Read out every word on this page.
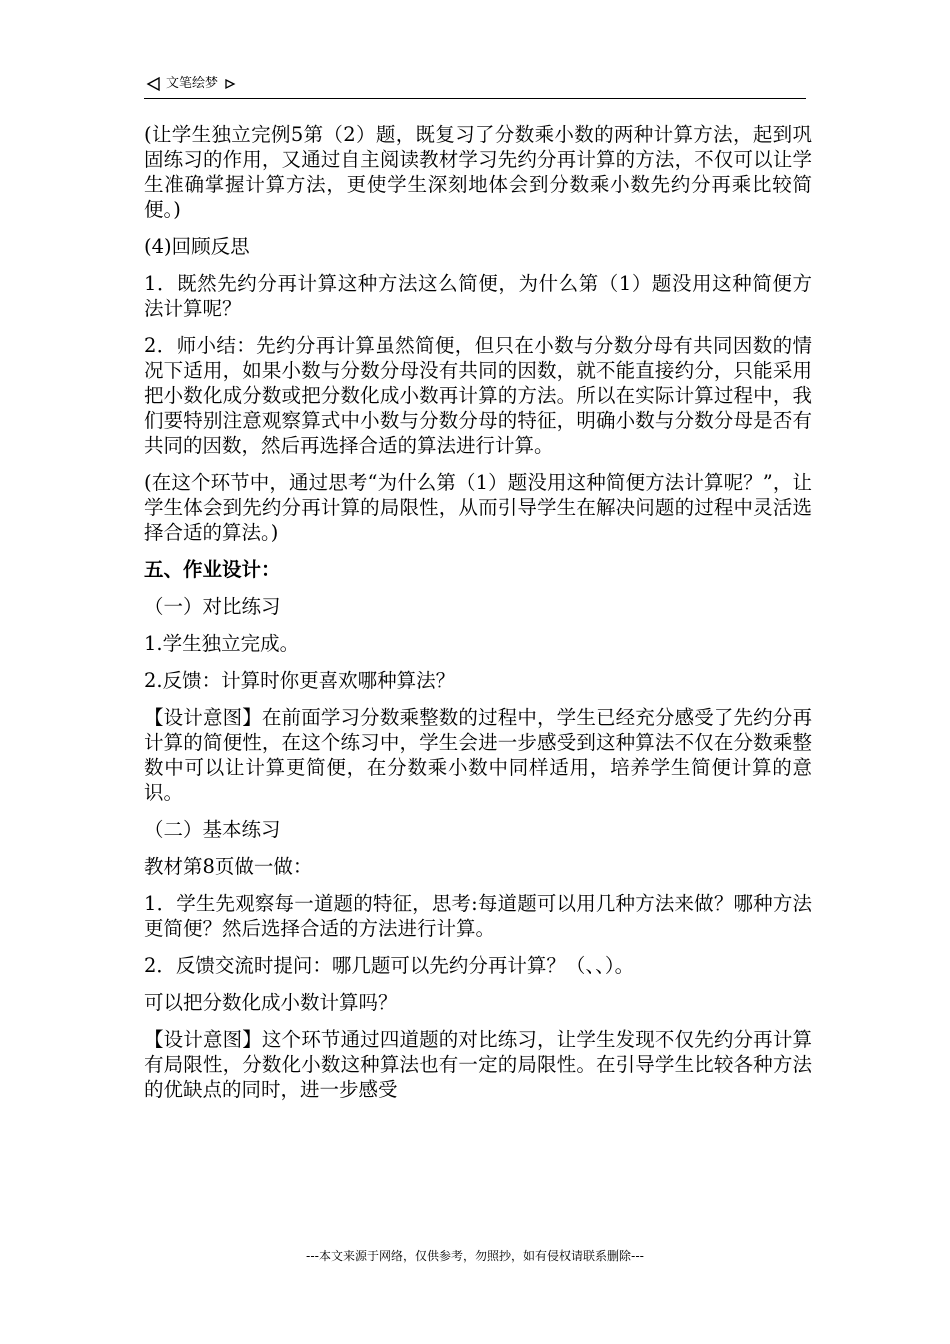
文笔绘梦

(让学生独立完例5第（2）题，既复习了分数乘小数的两种计算方法，起到巩固练习的作用，又通过自主阅读教材学习先约分再计算的方法，不仅可以让学生准确掌握计算方法，更使学生深刻地体会到分数乘小数先约分再乘比较简便。)

(4)回顾反思

1．既然先约分再计算这种方法这么简便，为什么第（1）题没用这种简便方法计算呢？

2．师小结：先约分再计算虽然简便，但只在小数与分数分母有共同因数的情况下适用，如果小数与分数分母没有共同的因数，就不能直接约分，只能采用把小数化成分数或把分数化成小数再计算的方法。所以在实际计算过程中，我们要特别注意观察算式中小数与分数分母的特征，明确小数与分数分母是否有共同的因数，然后再选择合适的算法进行计算。

(在这个环节中，通过思考“为什么第（1）题没用这种简便方法计算呢？”，让学生体会到先约分再计算的局限性，从而引导学生在解决问题的过程中灵活选择合适的算法。)

五、作业设计：

（一）对比练习

1.学生独立完成。

2.反馈：计算时你更喜欢哪种算法？

【设计意图】在前面学习分数乘整数的过程中，学生已经充分感受了先约分再计算的简便性，在这个练习中，学生会进一步感受到这种算法不仅在分数乘整数中可以让计算更简便，在分数乘小数中同样适用，培养学生简便计算的意识。

（二）基本练习

教材第8页做一做：

1．学生先观察每一道题的特征，思考:每道题可以用几种方法来做？哪种方法更简便？然后选择合适的方法进行计算。

2．反馈交流时提问：哪几题可以先约分再计算？（、、）。

可以把分数化成小数计算吗？

【设计意图】这个环节通过四道题的对比练习，让学生发现不仅先约分再计算有局限性，分数化小数这种算法也有一定的局限性。在引导学生比较各种方法的优缺点的同时，进一步感受

---本文来源于网络，仅供参考，勿照抄，如有侵权请联系删除---
